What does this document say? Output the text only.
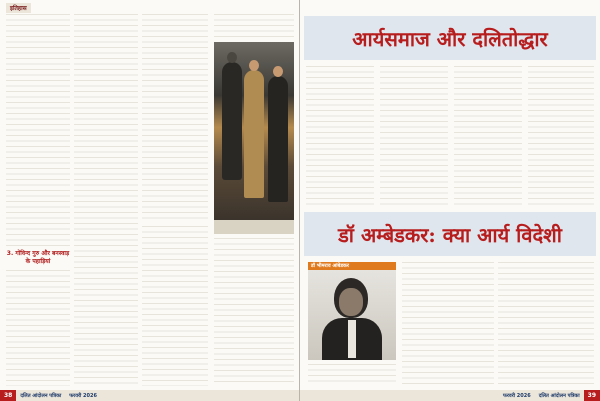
इतिहास
3. गोविन्द गुरु और बनस्वाड़ के पहाड़ियां
38	दलित आंदोलन पत्रिका	फरवरी 2026
आर्यसमाज और दलितोद्धार
डॉ अम्बेडकर: क्या आर्य विदेशी
डॉ भीमराव आंबेडकर
फरवरी 2026	दलित आंदोलन पत्रिका	39
